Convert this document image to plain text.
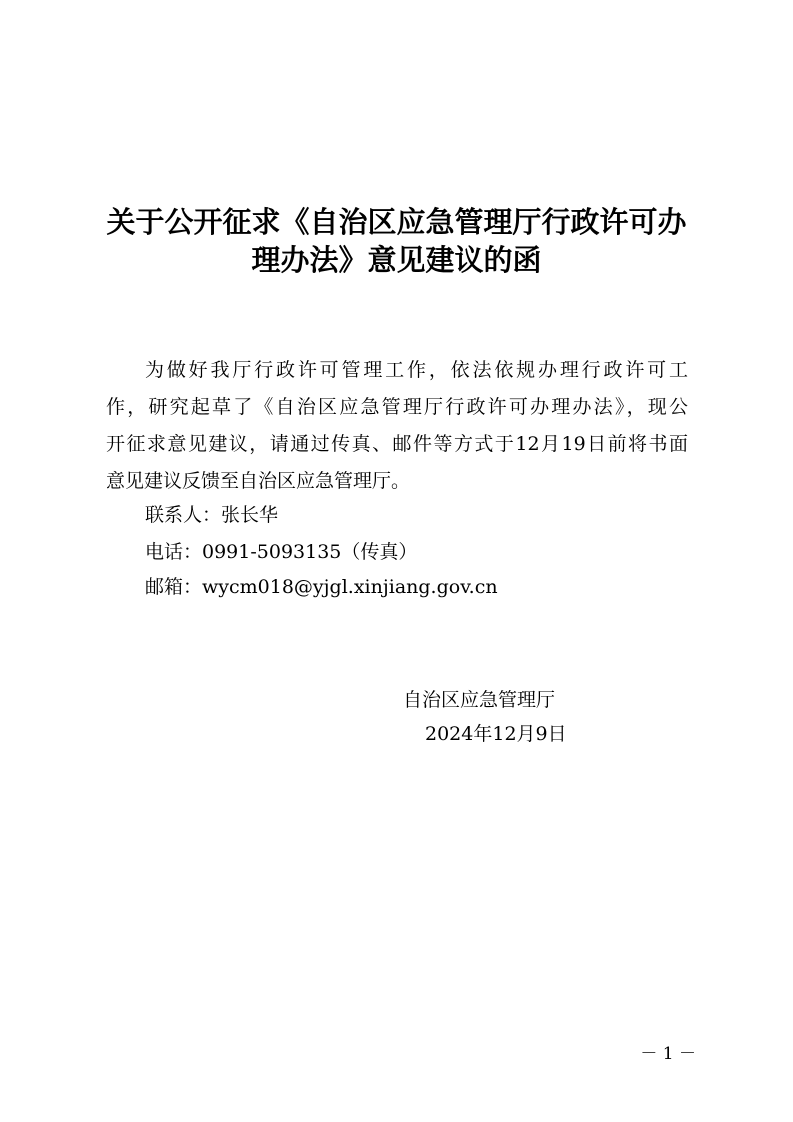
关于公开征求《自治区应急管理厅行政许可办
理办法》意见建议的函

为做好我厅行政许可管理工作，依法依规办理行政许可工

作，研究起草了《自治区应急管理厅行政许可办理办法》，现公

开征求意见建议，请通过传真、邮件等方式于12月19日前将书面

意见建议反馈至自治区应急管理厅。

联系人：张长华

电话：0991-5093135（传真）

邮箱：wycm018@yjgl.xinjiang.gov.cn

自治区应急管理厅

2024年12月9日

－ 1 －
